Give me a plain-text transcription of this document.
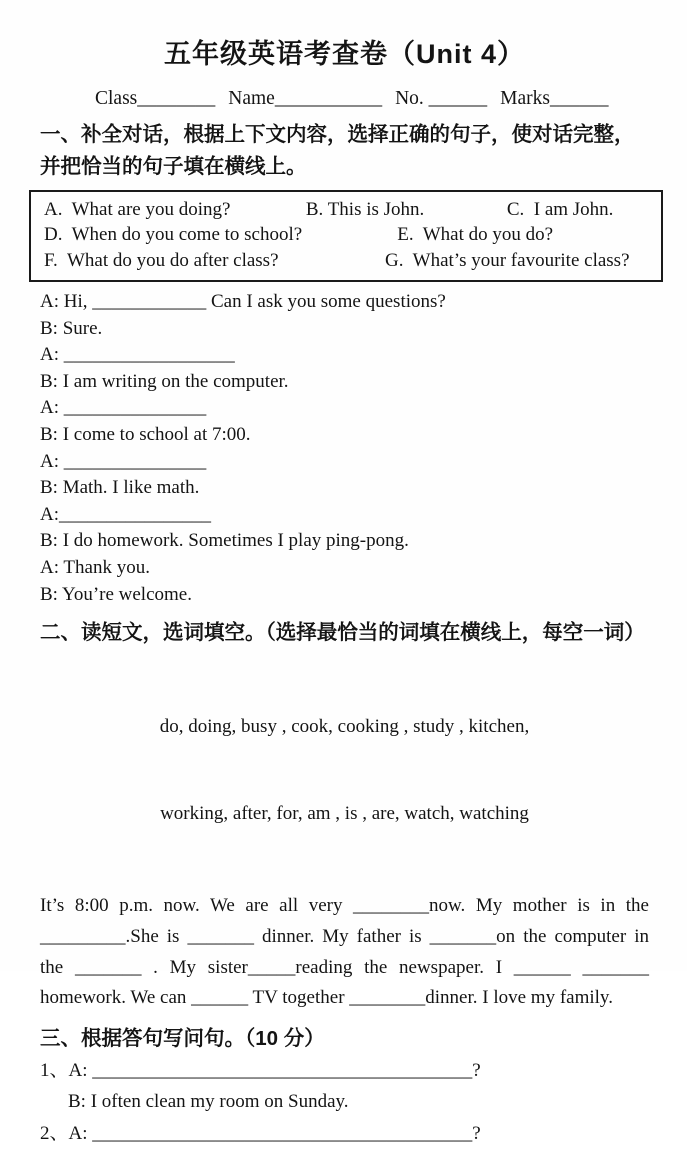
五年级英语考查卷（Unit 4）
Class________ Name___________ No. ______ Marks______
一、补全对话，根据上下文内容，选择正确的句子，使对话完整，并把恰当的句子填在横线上。
A.  What are you doing?	B. This is John.	C.  I am John.
D.  When do you come to school?	E.  What do you do?
F.  What do you do after class?	G.  What’s your favourite class?
A: Hi, ____________ Can I ask you some questions?
B: Sure.
A: __________________
B: I am writing on the computer.
A: _______________
B: I come to school at 7:00.
A: _______________
B: Math. I like math.
A:________________
B: I do homework. Sometimes I play ping-pong.
A: Thank you.
B: You’re welcome.
二、读短文，选词填空。（选择最恰当的词填在横线上，每空一词）

do, doing, busy , cook, cooking , study , kitchen,

working, after, for, am , is , are, watch, watching

It’s 8:00 p.m. now. We are all very ________now. My mother is in the
_________.She is _______ dinner. My father is _______on the computer in
the _______ . My sister_____reading the newspaper. I ______ _______
homework. We can ______ TV together ________dinner. I love my family.
三、根据答句写问句。（10 分）
1、A: ________________________________________?
B: I often clean my room on Sunday.
2、A: ________________________________________?
